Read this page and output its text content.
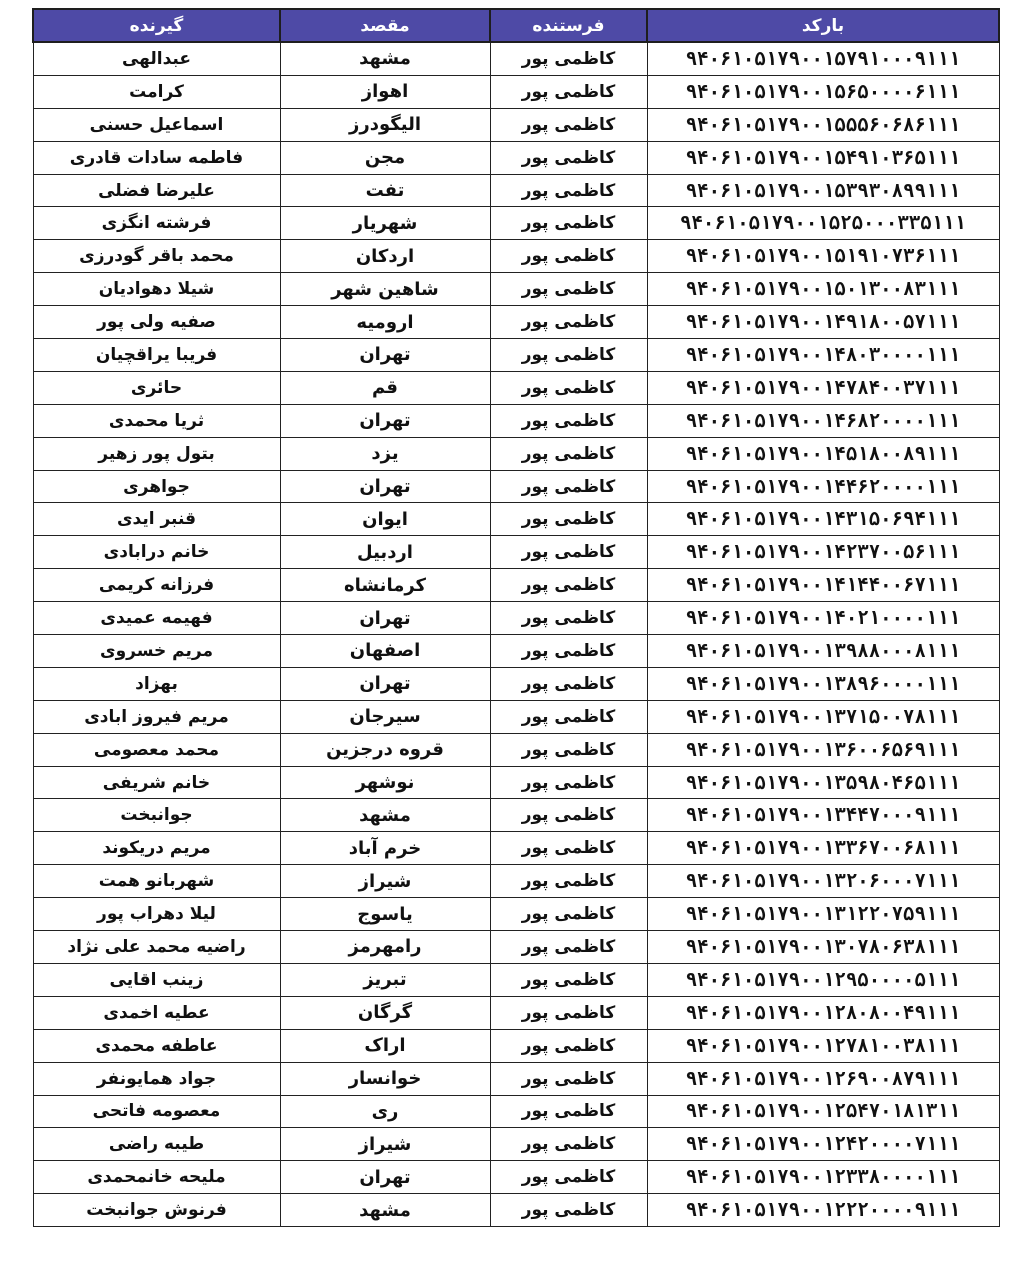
بارکد	فرستنده	مقصد	گیرنده
۹۴۰۶۱۰۵۱۷۹۰۰۱۵۷۹۱۰۰۰۹۱۱۱	کاظمی پور	مشهد	عبدالهی
۹۴۰۶۱۰۵۱۷۹۰۰۱۵۶۵۰۰۰۰۶۱۱۱	کاظمی پور	اهواز	کرامت
۹۴۰۶۱۰۵۱۷۹۰۰۱۵۵۵۶۰۶۸۶۱۱۱	کاظمی پور	الیگودرز	اسماعیل حسنی
۹۴۰۶۱۰۵۱۷۹۰۰۱۵۴۹۱۰۳۶۵۱۱۱	کاظمی پور	مجن	فاطمه سادات قادری
۹۴۰۶۱۰۵۱۷۹۰۰۱۵۳۹۳۰۸۹۹۱۱۱	کاظمی پور	تفت	علیرضا فضلی
۹۴۰۶۱۰۵۱۷۹۰۰۱۵۲۵۰۰۰۳۳۵۱۱۱	کاظمی پور	شهریار	فرشته انگزی
۹۴۰۶۱۰۵۱۷۹۰۰۱۵۱۹۱۰۷۳۶۱۱۱	کاظمی پور	اردکان	محمد باقر گودرزی
۹۴۰۶۱۰۵۱۷۹۰۰۱۵۰۱۳۰۰۸۳۱۱۱	کاظمی پور	شاهین شهر	شیلا دهوادیان
۹۴۰۶۱۰۵۱۷۹۰۰۱۴۹۱۸۰۰۵۷۱۱۱	کاظمی پور	ارومیه	صفیه ولی پور
۹۴۰۶۱۰۵۱۷۹۰۰۱۴۸۰۳۰۰۰۰۱۱۱	کاظمی پور	تهران	فریبا یراقچیان
۹۴۰۶۱۰۵۱۷۹۰۰۱۴۷۸۴۰۰۳۷۱۱۱	کاظمی پور	قم	حائری
۹۴۰۶۱۰۵۱۷۹۰۰۱۴۶۸۲۰۰۰۰۱۱۱	کاظمی پور	تهران	ثریا محمدی
۹۴۰۶۱۰۵۱۷۹۰۰۱۴۵۱۸۰۰۸۹۱۱۱	کاظمی پور	یزد	بتول پور زهیر
۹۴۰۶۱۰۵۱۷۹۰۰۱۴۴۶۲۰۰۰۰۱۱۱	کاظمی پور	تهران	جواهری
۹۴۰۶۱۰۵۱۷۹۰۰۱۴۳۱۵۰۶۹۴۱۱۱	کاظمی پور	ایوان	قنبر ایدی
۹۴۰۶۱۰۵۱۷۹۰۰۱۴۲۳۷۰۰۵۶۱۱۱	کاظمی پور	اردبیل	خانم درابادی
۹۴۰۶۱۰۵۱۷۹۰۰۱۴۱۴۴۰۰۶۷۱۱۱	کاظمی پور	کرمانشاه	فرزانه کریمی
۹۴۰۶۱۰۵۱۷۹۰۰۱۴۰۲۱۰۰۰۰۱۱۱	کاظمی پور	تهران	فهیمه عمیدی
۹۴۰۶۱۰۵۱۷۹۰۰۱۳۹۸۸۰۰۰۸۱۱۱	کاظمی پور	اصفهان	مریم خسروی
۹۴۰۶۱۰۵۱۷۹۰۰۱۳۸۹۶۰۰۰۰۱۱۱	کاظمی پور	تهران	بهزاد
۹۴۰۶۱۰۵۱۷۹۰۰۱۳۷۱۵۰۰۷۸۱۱۱	کاظمی پور	سیرجان	مریم فیروز ابادی
۹۴۰۶۱۰۵۱۷۹۰۰۱۳۶۰۰۶۵۶۹۱۱۱	کاظمی پور	قروه درجزین	محمد معصومی
۹۴۰۶۱۰۵۱۷۹۰۰۱۳۵۹۸۰۴۶۵۱۱۱	کاظمی پور	نوشهر	خانم شریفی
۹۴۰۶۱۰۵۱۷۹۰۰۱۳۴۴۷۰۰۰۹۱۱۱	کاظمی پور	مشهد	جوانبخت
۹۴۰۶۱۰۵۱۷۹۰۰۱۳۳۶۷۰۰۶۸۱۱۱	کاظمی پور	خرم آباد	مریم دریکوند
۹۴۰۶۱۰۵۱۷۹۰۰۱۳۲۰۶۰۰۰۷۱۱۱	کاظمی پور	شیراز	شهربانو همت
۹۴۰۶۱۰۵۱۷۹۰۰۱۳۱۲۲۰۷۵۹۱۱۱	کاظمی پور	یاسوج	لیلا دهراب پور
۹۴۰۶۱۰۵۱۷۹۰۰۱۳۰۷۸۰۶۳۸۱۱۱	کاظمی پور	رامهرمز	راضیه محمد علی نژاد
۹۴۰۶۱۰۵۱۷۹۰۰۱۲۹۵۰۰۰۰۵۱۱۱	کاظمی پور	تبریز	زینب اقایی
۹۴۰۶۱۰۵۱۷۹۰۰۱۲۸۰۸۰۰۴۹۱۱۱	کاظمی پور	گرگان	عطیه اخمدی
۹۴۰۶۱۰۵۱۷۹۰۰۱۲۷۸۱۰۰۳۸۱۱۱	کاظمی پور	اراک	عاطفه محمدی
۹۴۰۶۱۰۵۱۷۹۰۰۱۲۶۹۰۰۸۷۹۱۱۱	کاظمی پور	خوانسار	جواد همایونفر
۹۴۰۶۱۰۵۱۷۹۰۰۱۲۵۴۷۰۱۸۱۳۱۱	کاظمی پور	ری	معصومه فاتحی
۹۴۰۶۱۰۵۱۷۹۰۰۱۲۴۲۰۰۰۰۷۱۱۱	کاظمی پور	شیراز	طیبه راضی
۹۴۰۶۱۰۵۱۷۹۰۰۱۲۳۳۸۰۰۰۰۱۱۱	کاظمی پور	تهران	ملیحه خانمحمدی
۹۴۰۶۱۰۵۱۷۹۰۰۱۲۲۲۰۰۰۰۹۱۱۱	کاظمی پور	مشهد	فرنوش جوانبخت
